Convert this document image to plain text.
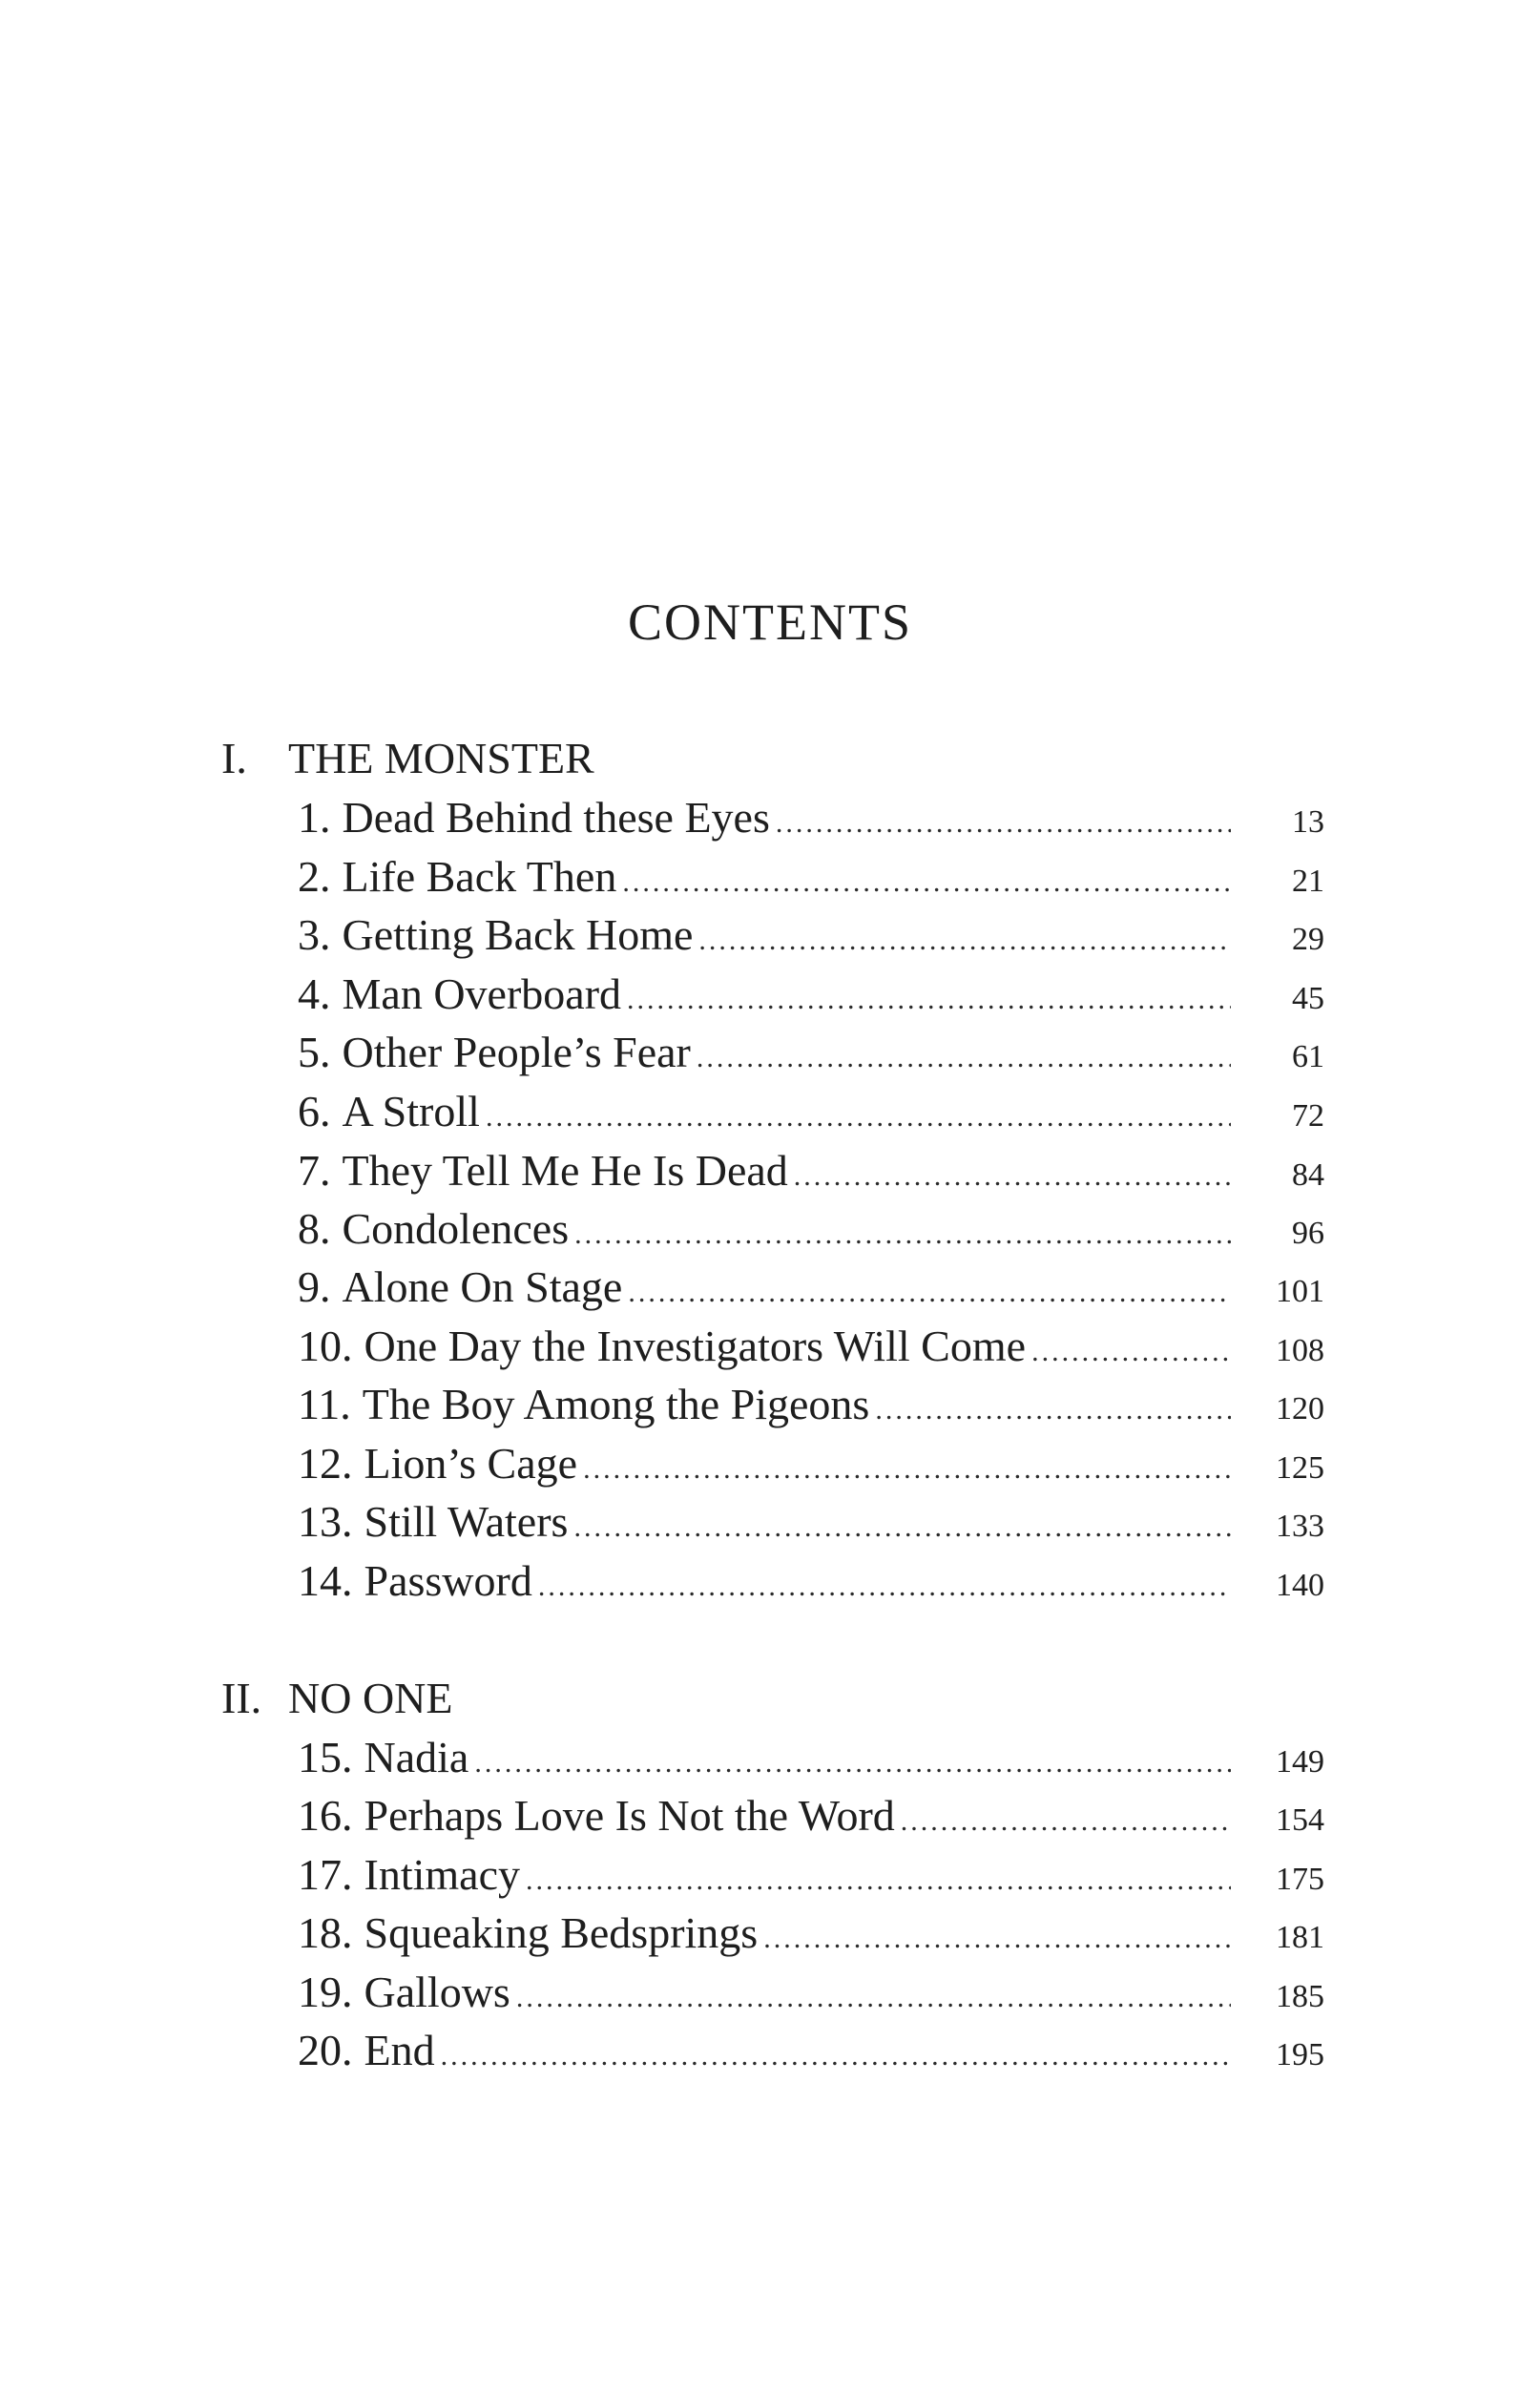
CONTENTS
I. THE MONSTER
1. Dead Behind these Eyes .....	13
2. Life Back Then .....	21
3. Getting Back Home .....	29
4. Man Overboard .....	45
5. Other People’s Fear .....	61
6. A Stroll .....	72
7. They Tell Me He Is Dead .....	84
8. Condolences .....	96
9. Alone On Stage .....	101
10. One Day the Investigators Will Come .....	108
11. The Boy Among the Pigeons .....	120
12. Lion’s Cage .....	125
13. Still Waters .....	133
14. Password .....	140
II. NO ONE
15. Nadia .....	149
16. Perhaps Love Is Not the Word .....	154
17. Intimacy .....	175
18. Squeaking Bedsprings .....	181
19. Gallows .....	185
20. End .....	195
